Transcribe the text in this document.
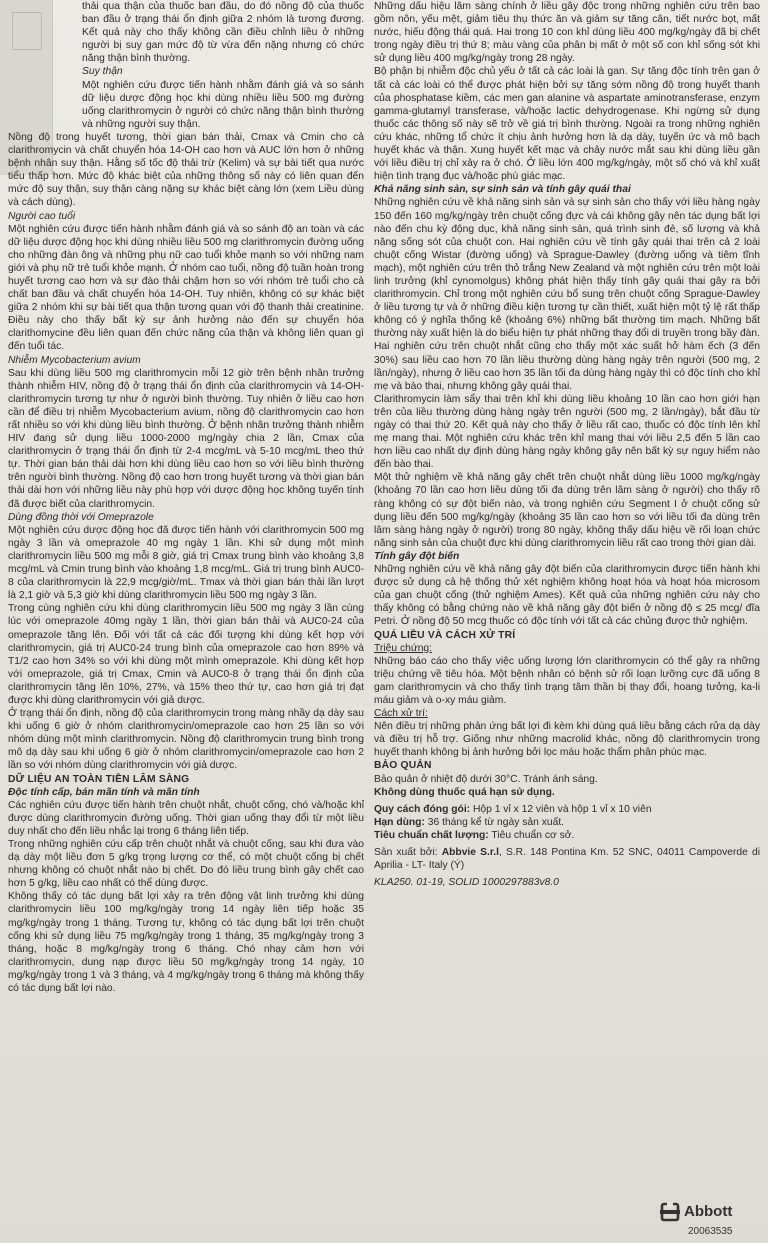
thải qua thận của thuốc ban đầu, do đó nồng độ của thuốc ban đầu ở trạng thái ổn định giữa 2 nhóm là tương đương. Kết quả này cho thấy không cần điều chỉnh liều ở những người bị suy gan mức độ từ vừa đến nặng nhưng có chức năng thận bình thường.

Suy thận

Một nghiên cứu được tiến hành nhằm đánh giá và so sánh dữ liệu dược động học khi dùng nhiều liều 500 mg đường uống clarithromycin ở người có chức năng thận bình thường và những người suy thận.

Nồng độ trong huyết tương, thời gian bán thải, Cmax và Cmin cho cả clarithromycin và chất chuyển hóa 14-OH cao hơn và AUC lớn hơn ở những bệnh nhân suy thận. Hằng số tốc độ thải trừ (Kelim) và sự bài tiết qua nước tiểu thấp hơn. Mức độ khác biệt của những thông số này có liên quan đến mức độ suy thận, suy thận càng nặng sự khác biệt càng lớn (xem Liều dùng và cách dùng).

Người cao tuổi

Một nghiên cứu được tiến hành nhằm đánh giá và so sánh độ an toàn và các dữ liệu dược động học khi dùng nhiều liều 500 mg clarithromycin đường uống cho những đàn ông và những phụ nữ cao tuổi khỏe mạnh so với những nam giới và phụ nữ trẻ tuổi khỏe mạnh. Ở nhóm cao tuổi, nồng độ tuần hoàn trong huyết tương cao hơn và sự đào thải chậm hơn so với nhóm trẻ tuổi cho cả chất ban đầu và chất chuyển hóa 14-OH. Tuy nhiên, không có sự khác biệt giữa 2 nhóm khi sự bài tiết qua thận tương quan với độ thanh thải creatinine. Điều này cho thấy bất kỳ sự ảnh hưởng nào đến sự chuyển hóa clarithomycine đều liên quan đến chức năng của thận và không liên quan gì đến tuổi tác.

Nhiễm Mycobacterium avium

Sau khi dùng liều 500 mg clarithromycin mỗi 12 giờ trên bệnh nhân trưởng thành nhiễm HIV, nồng độ ở trạng thái ổn định của clarithromycin và 14-OH-clarithromycin tương tự như ở người bình thường. Tuy nhiên ở liều cao hơn cần để điều trị nhiễm Mycobacterium avium, nồng độ clarithromycin cao hơn rất nhiều so với khi dùng liều bình thường. Ở bệnh nhân trưởng thành nhiễm HIV đang sử dụng liều 1000-2000 mg/ngày chia 2 lần, Cmax của clarithromycin ở trạng thái ổn định từ 2-4 mcg/mL và 5-10 mcg/mL theo thứ tự. Thời gian bán thải dài hơn khi dùng liều cao hơn so với liều bình thường trên người bình thường. Nồng độ cao hơn trong huyết tương và thời gian bán thải dài hơn với những liều này phù hợp với dược động học không tuyến tính đã được biết của clarithromycin.

Dùng đồng thời với Omeprazole

Một nghiên cứu dược động học đã được tiến hành với clarithromycin 500 mg ngày 3 lần và omeprazole 40 mg ngày 1 lần. Khi sử dụng một mình clarithromycin liều 500 mg mỗi 8 giờ, giá trị Cmax trung bình vào khoảng 3,8 mcg/mL và Cmin trung bình vào khoảng 1,8 mcg/mL. Giá trị trung bình AUC0-8 của clarithromycin là 22,9 mcg/giờ/mL. Tmax và thời gian bán thải lần lượt là 2,1 giờ và 5,3 giờ khi dùng clarithromycin liều 500 mg ngày 3 lần.

Trong cùng nghiên cứu khi dùng clarithromycin liều 500 mg ngày 3 lần cùng lúc với omeprazole 40mg ngày 1 lần, thời gian bán thải và AUC0-24 của omeprazole tăng lên. Đối với tất cả các đối tượng khi dùng kết hợp với clarithromycin, giá trị AUC0-24 trung bình của omeprazole cao hơn 89% và T1/2 cao hơn 34% so với khi dùng một mình omeprazole. Khi dùng kết hợp với omeprazole, giá trị Cmax, Cmin và AUC0-8 ở trạng thái ổn định của clarithromycin tăng lên 10%, 27%, và 15% theo thứ tự, cao hơn giá trị đạt được khi dùng clarithromycin với giả dược.

Ở trạng thái ổn định, nồng độ của clarithromycin trong màng nhầy dạ dày sau khi uống 6 giờ ở nhóm clarithromycin/omeprazole cao hơn 25 lần so với nhóm dùng một mình clarithromycin. Nồng độ clarithromycin trung bình trong mô dạ dày sau khi uống 6 giờ ở nhóm clarithromycin/omeprazole cao hơn 2 lần so với nhóm dùng clarithromycin với giả dược.

DỮ LIỆU AN TOÀN TIỀN LÂM SÀNG

Độc tính cấp, bán mãn tính và mãn tính

Các nghiên cứu được tiến hành trên chuột nhắt, chuột cống, chó và/hoặc khỉ được dùng clarithromycin đường uống. Thời gian uống thay đổi từ một liều duy nhất cho đến liều nhắc lại trong 6 tháng liên tiếp.

Trong những nghiên cứu cấp trên chuột nhắt và chuột cống, sau khi đưa vào dạ dày một liều đơn 5 g/kg trọng lượng cơ thể, có một chuột cống bị chết nhưng không có chuột nhắt nào bị chết. Do đó liều trung bình gây chết cao hơn 5 g/kg, liều cao nhất có thể dùng được.

Không thấy có tác dụng bất lợi xảy ra trên động vật linh trưởng khi dùng clarithromycin liều 100 mg/kg/ngày trong 14 ngày liên tiếp hoặc 35 mg/kg/ngày trong 1 tháng. Tương tự, không có tác dụng bất lợi trên chuột cống khi sử dụng liều 75 mg/kg/ngày trong 1 tháng, 35 mg/kg/ngày trong 3 tháng, hoặc 8 mg/kg/ngày trong 6 tháng. Chó nhạy cảm hơn với clarithromycin, dung nạp được liều 50 mg/kg/ngày trong 14 ngày, 10 mg/kg/ngày trong 1 và 3 tháng, và 4 mg/kg/ngày trong 6 tháng mà không thấy có tác dụng bất lợi nào.

Những dấu hiệu lâm sàng chính ở liều gây độc trong những nghiên cứu trên bao gồm nôn, yếu mệt, giảm tiêu thụ thức ăn và giảm sự tăng cân, tiết nước bọt, mất nước, hiếu động thái quá. Hai trong 10 con khỉ dùng liều 400 mg/kg/ngày đã bị chết trong ngày điều trị thứ 8; màu vàng của phân bị mất ở một số con khỉ sống sót khi sử dụng liều 400 mg/kg/ngày trong 28 ngày.

Bộ phận bị nhiễm độc chủ yếu ở tất cả các loài là gan. Sự tăng độc tính trên gan ở tất cả các loài có thể được phát hiện bởi sự tăng sớm nồng độ trong huyết thanh của phosphatase kiềm, các men gan alanine và aspartate aminotransferase, enzym gamma-glutamyl transferase, và/hoặc lactic dehydrogenase. Khi ngừng sử dụng thuốc các thông số này sẽ trở về giá trị bình thường. Ngoài ra trong những nghiên cứu khác, những tổ chức ít chịu ảnh hưởng hơn là dạ dày, tuyến ức và mô bạch huyết khác và thận. Xung huyết kết mạc và chảy nước mắt sau khi dùng liều gần với liều điều trị chỉ xảy ra ở chó. Ở liều lớn 400 mg/kg/ngày, một số chó và khỉ xuất hiện tình trạng đục và/hoặc phù giác mạc.

Khả năng sinh sản, sự sinh sản và tính gây quái thai

Những nghiên cứu về khả năng sinh sản và sự sinh sản cho thấy với liều hàng ngày 150 đến 160 mg/kg/ngày trên chuột cống đực và cái không gây nên tác dụng bất lợi nào đến chu kỳ động dục, khả năng sinh sản, quá trình sinh đẻ, số lượng và khả năng sống sót của chuột con. Hai nghiên cứu về tính gây quái thai trên cả 2 loài chuột cống Wistar (đường uống) và Sprague-Dawley (đường uống và tiêm tĩnh mạch), một nghiên cứu trên thỏ trắng New Zealand và một nghiên cứu trên một loài linh trưởng (khỉ cynomolgus) không phát hiện thấy tính gây quái thai gây ra bởi clarithromycin. Chỉ trong một nghiên cứu bổ sung trên chuột cống Sprague-Dawley ở liều tương tự và ở những điều kiện tương tự cần thiết, xuất hiện một tỷ lệ rất thấp không có ý nghĩa thống kê (khoảng 6%) những bất thường tim mạch. Những bất thường này xuất hiện là do biểu hiện tự phát những thay đổi di truyền trong bầy đàn. Hai nghiên cứu trên chuột nhắt cũng cho thấy một xác suất hở hàm ếch (3 đến 30%) sau liều cao hơn 70 lần liều thường dùng hàng ngày trên người (500 mg, 2 lần/ngày), nhưng ở liều cao hơn 35 lần tối đa dùng hàng ngày thì có độc tính cho khỉ mẹ và bào thai, nhưng không gây quái thai.

Clarithromycin làm sẩy thai trên khỉ khi dùng liều khoảng 10 lần cao hơn giới hạn trên của liều thường dùng hàng ngày trên người (500 mg, 2 lần/ngày), bắt đầu từ ngày có thai thứ 20. Kết quả này cho thấy ở liều rất cao, thuốc có độc tính lên khỉ mẹ mang thai. Một nghiên cứu khác trên khỉ mang thai với liều 2,5 đến 5 lần cao hơn liều cao nhất dự định dùng hàng ngày không gây nên bất kỳ sự nguy hiểm nào đến bào thai.

Một thử nghiệm về khả năng gây chết trên chuột nhắt dùng liều 1000 mg/kg/ngày (khoảng 70 lần cao hơn liều dùng tối đa dùng trên lâm sàng ở người) cho thấy rõ ràng không có sự đột biến nào, và trong nghiên cứu Segment I ở chuột cống sử dụng liều đến 500 mg/kg/ngày (khoảng 35 lần cao hơn so với liều tối đa dùng trên lâm sàng hàng ngày ở người) trong 80 ngày, không thấy dấu hiệu về rối loạn chức năng sinh sản của chuột đực khi dùng clarithromycin liều rất cao trong thời gian dài.

Tính gây đột biến

Những nghiên cứu về khả năng gây đột biến của clarithromycin được tiến hành khi được sử dụng cả hệ thống thử xét nghiệm không hoạt hóa và hoạt hóa microsom của gan chuột cống (thử nghiệm Ames). Kết quả của những nghiên cứu này cho thấy không có bằng chứng nào về khả năng gây đột biến ở nồng độ ≤ 25 mcg/ đĩa Petri. Ở nồng độ 50 mcg thuốc có độc tính với tất cả các chủng được thử nghiệm.

QUÁ LIỀU VÀ CÁCH XỬ TRÍ

Triệu chứng:

Những báo cáo cho thấy việc uống lượng lớn clarithromycin có thể gây ra những triệu chứng về tiêu hóa. Một bệnh nhân có bệnh sử rối loạn lưỡng cực đã uống 8 gam clarithromycin và cho thấy tình trạng tâm thần bị thay đổi, hoang tưởng, ka-li máu giảm và o-xy máu giảm.

Cách xử trí:

Nên điều trị những phản ứng bất lợi đi kèm khi dùng quá liều bằng cách rửa dạ dày và điều trị hỗ trợ. Giống như những macrolid khác, nồng độ clarithromycin trong huyết thanh không bị ảnh hưởng bởi lọc máu hoặc thẩm phân phúc mạc.

BẢO QUẢN

Bảo quản ở nhiệt độ dưới 30°C. Tránh ánh sáng.

Không dùng thuốc quá hạn sử dụng.

Quy cách đóng gói: Hộp 1 vỉ x 12 viên và hộp 1 vỉ x 10 viên

Hạn dùng: 36 tháng kể từ ngày sản xuất.

Tiêu chuẩn chất lượng: Tiêu chuẩn cơ sở.

Sản xuất bởi: Abbvie S.r.l, S.R. 148 Pontina Km. 52 SNC, 04011 Campoverde di Aprilia - LT- Italy (Ý)

KLA250. 01-19, SOLID 1000297883v8.0

Abbott
20063535
